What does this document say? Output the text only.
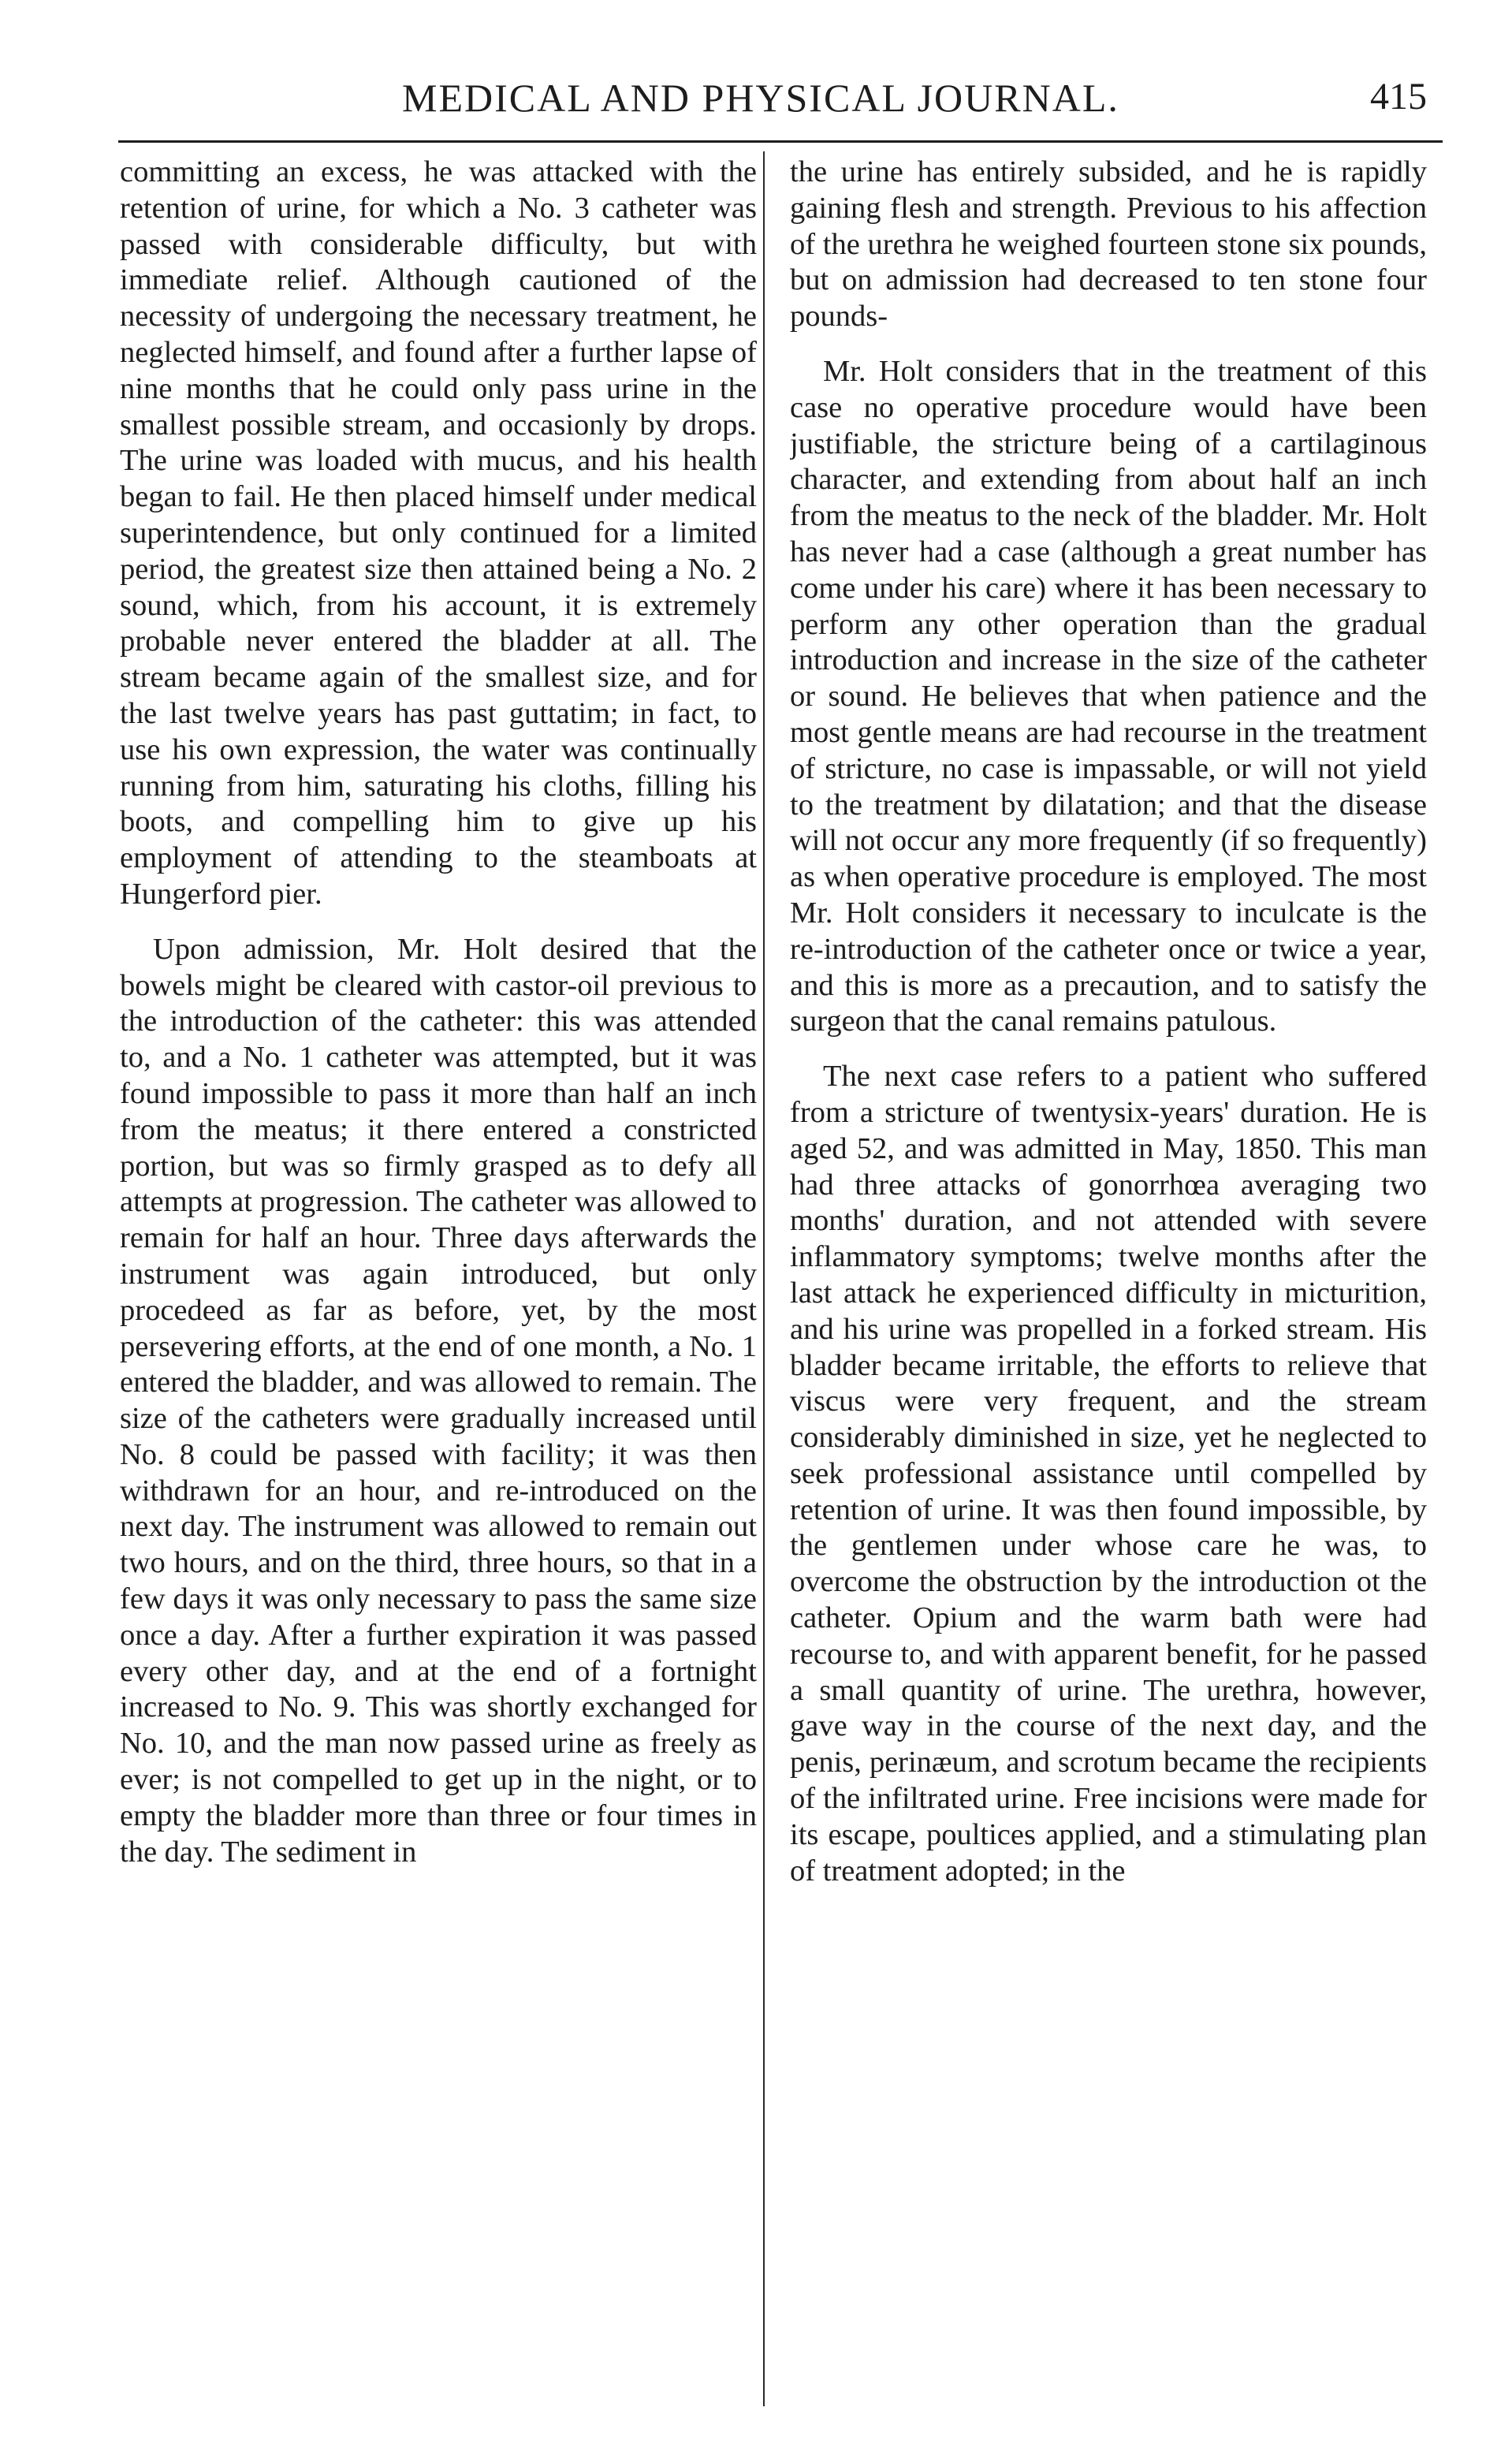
MEDICAL AND PHYSICAL JOURNAL.	415

committing an excess, he was attacked with the retention of urine, for which a No. 3 catheter was passed with considerable difficulty, but with immediate relief. Although cautioned of the necessity of undergoing the necessary treatment, he neglected himself, and found after a further lapse of nine months that he could only pass urine in the smallest possible stream, and occasionly by drops. The urine was loaded with mucus, and his health began to fail. He then placed himself under medical superintendence, but only continued for a limited period, the greatest size then attained being a No. 2 sound, which, from his account, it is extremely probable never entered the bladder at all. The stream became again of the smallest size, and for the last twelve years has past guttatim; in fact, to use his own expression, the water was continually running from him, saturating his cloths, filling his boots, and compelling him to give up his employment of attending to the steamboats at Hungerford pier.

Upon admission, Mr. Holt desired that the bowels might be cleared with castor-oil previous to the introduction of the catheter: this was attended to, and a No. 1 catheter was attempted, but it was found impossible to pass it more than half an inch from the meatus; it there entered a constricted portion, but was so firmly grasped as to defy all attempts at progression. The catheter was allowed to remain for half an hour. Three days afterwards the instrument was again introduced, but only procedeed as far as before, yet, by the most persevering efforts, at the end of one month, a No. 1 entered the bladder, and was allowed to remain. The size of the catheters were gradually increased until No. 8 could be passed with facility; it was then withdrawn for an hour, and re-introduced on the next day. The instrument was allowed to remain out two hours, and on the third, three hours, so that in a few days it was only necessary to pass the same size once a day. After a further expiration it was passed every other day, and at the end of a fortnight increased to No. 9. This was shortly exchanged for No. 10, and the man now passed urine as freely as ever; is not compelled to get up in the night, or to empty the bladder more than three or four times in the day. The sediment in

the urine has entirely subsided, and he is rapidly gaining flesh and strength. Previous to his affection of the urethra he weighed fourteen stone six pounds, but on admission had decreased to ten stone four pounds-

Mr. Holt considers that in the treatment of this case no operative procedure would have been justifiable, the stricture being of a cartilaginous character, and extending from about half an inch from the meatus to the neck of the bladder. Mr. Holt has never had a case (although a great number has come under his care) where it has been necessary to perform any other operation than the gradual introduction and increase in the size of the catheter or sound. He believes that when patience and the most gentle means are had recourse in the treatment of stricture, no case is impassable, or will not yield to the treatment by dilatation; and that the disease will not occur any more frequently (if so frequently) as when operative procedure is employed. The most Mr. Holt considers it necessary to inculcate is the re-introduction of the catheter once or twice a year, and this is more as a precaution, and to satisfy the surgeon that the canal remains patulous.

The next case refers to a patient who suffered from a stricture of twentysix-years' duration. He is aged 52, and was admitted in May, 1850. This man had three attacks of gonorrhœa averaging two months' duration, and not attended with severe inflammatory symptoms; twelve months after the last attack he experienced difficulty in micturition, and his urine was propelled in a forked stream. His bladder became irritable, the efforts to relieve that viscus were very frequent, and the stream considerably diminished in size, yet he neglected to seek professional assistance until compelled by retention of urine. It was then found impossible, by the gentlemen under whose care he was, to overcome the obstruction by the introduction ot the catheter. Opium and the warm bath were had recourse to, and with apparent benefit, for he passed a small quantity of urine. The urethra, however, gave way in the course of the next day, and the penis, perinæum, and scrotum became the recipients of the infiltrated urine. Free incisions were made for its escape, poultices applied, and a stimulating plan of treatment adopted; in the
